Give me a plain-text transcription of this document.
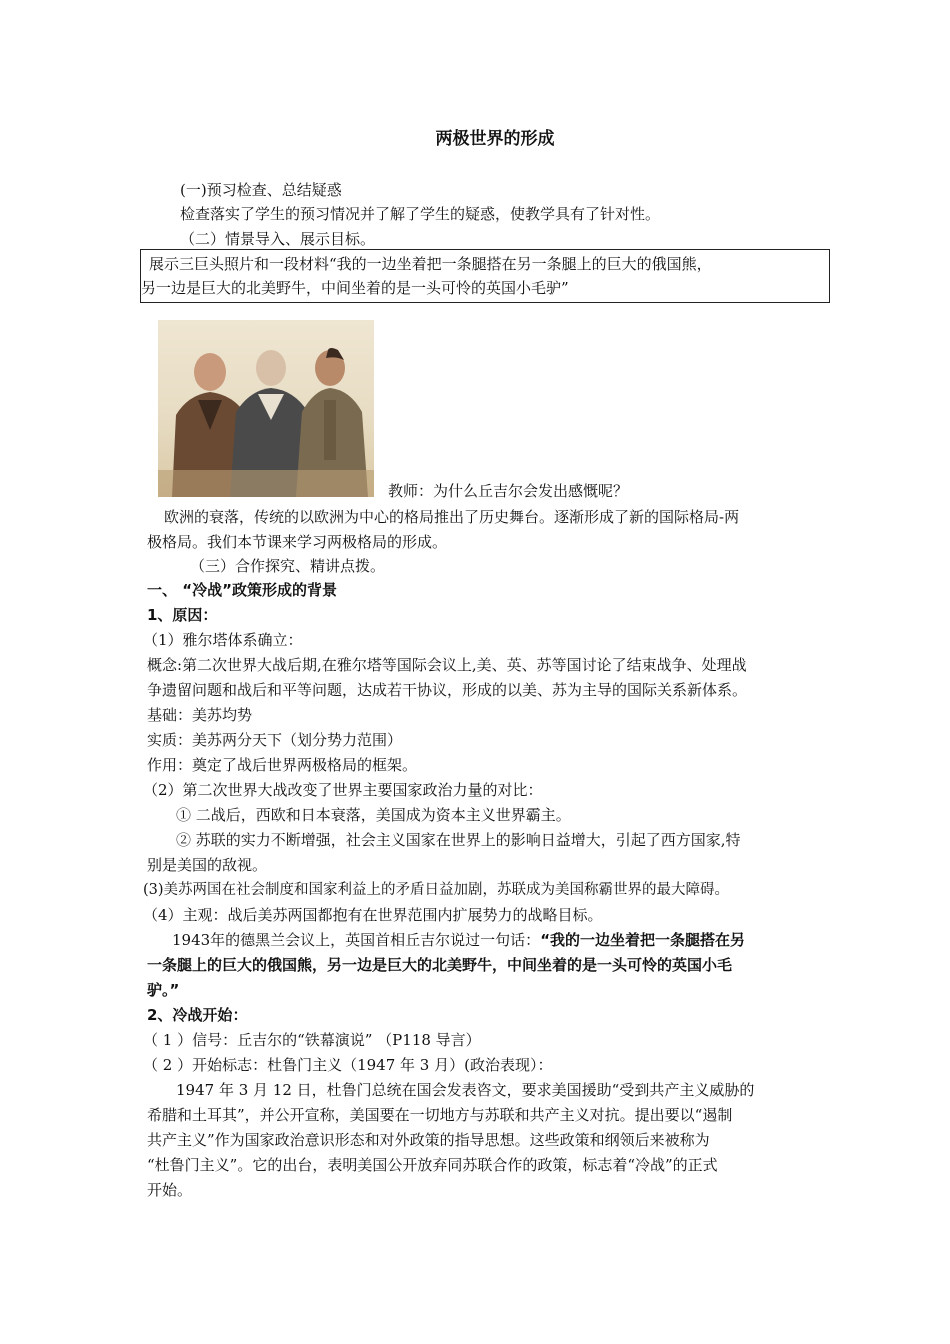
两极世界的形成
(一)预习检查、总结疑惑
检查落实了学生的预习情况并了解了学生的疑惑，使教学具有了针对性。
（二）情景导入、展示目标。
展示三巨头照片和一段材料“我的一边坐着把一条腿搭在另一条腿上的巨大的俄国熊，
另一边是巨大的北美野牛，中间坐着的是一头可怜的英国小毛驴”
教师：为什么丘吉尔会发出感慨呢？
欧洲的衰落，传统的以欧洲为中心的格局推出了历史舞台。逐渐形成了新的国际格局-两
极格局。我们本节课来学习两极格局的形成。
（三）合作探究、精讲点拨。
一、 “冷战”政策形成的背景
1、原因：
（1）雅尔塔体系确立：
概念:第二次世界大战后期,在雅尔塔等国际会议上,美、英、苏等国讨论了结束战争、处理战
争遗留问题和战后和平等问题，达成若干协议，形成的以美、苏为主导的国际关系新体系。
基础：美苏均势
实质：美苏两分天下（划分势力范围）
作用：奠定了战后世界两极格局的框架。
（2）第二次世界大战改变了世界主要国家政治力量的对比：
① 二战后，西欧和日本衰落，美国成为资本主义世界霸主。
② 苏联的实力不断增强，社会主义国家在世界上的影响日益增大，引起了西方国家,特
别是美国的敌视。
(3)美苏两国在社会制度和国家利益上的矛盾日益加剧，苏联成为美国称霸世界的最大障碍。
（4）主观：战后美苏两国都抱有在世界范围内扩展势力的战略目标。
1943年的德黑兰会议上，英国首相丘吉尔说过一句话：“我的一边坐着把一条腿搭在另
一条腿上的巨大的俄国熊，另一边是巨大的北美野牛，中间坐着的是一头可怜的英国小毛
驴。”
2、冷战开始：
（ 1 ）信号：丘吉尔的“铁幕演说” （P118 导言）
（ 2 ）开始标志：杜鲁门主义（1947 年 3 月）(政治表现）：
1947 年 3 月 12 日，杜鲁门总统在国会发表咨文，要求美国援助“受到共产主义威胁的
希腊和土耳其”，并公开宣称，美国要在一切地方与苏联和共产主义对抗。提出要以“遏制
共产主义”作为国家政治意识形态和对外政策的指导思想。这些政策和纲领后来被称为
“杜鲁门主义”。它的出台，表明美国公开放弃同苏联合作的政策，标志着“冷战”的正式
开始。
